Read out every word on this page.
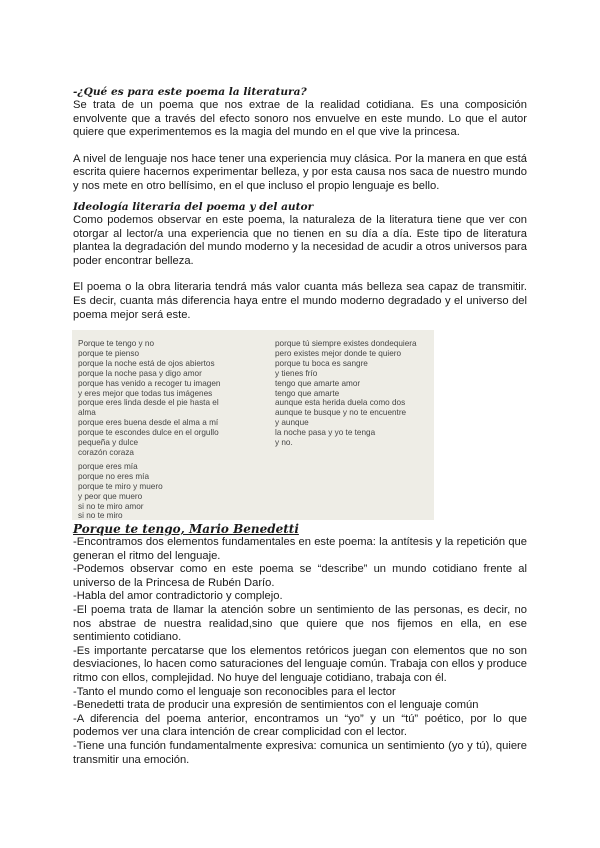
-¿Qué es para este poema la literatura?

Se trata de un poema que nos extrae de la realidad cotidiana. Es una composición envolvente que a través del efecto sonoro nos envuelve en este mundo. Lo que el autor quiere que experimentemos es la magia del mundo en el que vive la princesa.

A nivel de lenguaje nos hace tener una experiencia muy clásica. Por la manera en que está escrita quiere hacernos experimentar belleza, y por esta causa nos saca de nuestro mundo y nos mete en otro bellísimo, en el que incluso el propio lenguaje es bello.

Ideología literaria del poema y del autor

Como podemos observar en este poema, la naturaleza de la literatura tiene que ver con otorgar al lector/a una experiencia que no tienen en su día a día. Este tipo de literatura plantea la degradación del mundo moderno y la necesidad de acudir a otros universos para poder encontrar belleza.

El poema o la obra literaria tendrá más valor cuanta más belleza sea capaz de transmitir. Es decir, cuanta más diferencia haya entre el mundo moderno degradado y el universo del poema mejor será este.

Porque te tengo y no
porque te pienso
porque la noche está de ojos abiertos
porque la noche pasa y digo amor
porque has venido a recoger tu imagen
y eres mejor que todas tus imágenes
porque eres linda desde el pie hasta el
alma
porque eres buena desde el alma a mí
porque te escondes dulce en el orgullo
pequeña y dulce
corazón coraza
porque eres mía
porque no eres mía
porque te miro y muero
y peor que muero
si no te miro amor
si no te miro
porque tú siempre existes dondequiera
pero existes mejor donde te quiero
porque tu boca es sangre
y tienes frío
tengo que amarte amor
tengo que amarte
aunque esta herida duela como dos
aunque te busque y no te encuentre
y aunque
la noche pasa y yo te tenga
y no.

Porque te tengo, Mario Benedetti

-Encontramos dos elementos fundamentales en este poema: la antítesis y la repetición que generan el ritmo del lenguaje.

-Podemos observar como en este poema se “describe” un mundo cotidiano frente al universo de la Princesa de Rubén Darío.

-Habla del amor contradictorio y complejo.

-El poema trata de llamar la atención sobre un sentimiento de las personas, es decir, no nos abstrae de nuestra realidad,sino que quiere que nos fijemos en ella, en ese sentimiento cotidiano.

-Es importante percatarse que los elementos retóricos juegan con elementos que no son desviaciones, lo hacen como saturaciones del lenguaje común. Trabaja con ellos y produce ritmo con ellos, complejidad. No huye del lenguaje cotidiano, trabaja con él.

-Tanto el mundo como el lenguaje son reconocibles para el lector

-Benedetti trata de producir una expresión de sentimientos con el lenguaje común

-A diferencia del poema anterior, encontramos un “yo” y un “tú” poético, por lo que podemos ver una clara intención de crear complicidad con el lector.

-Tiene una función fundamentalmente expresiva: comunica un sentimiento (yo y tú), quiere transmitir una emoción.
